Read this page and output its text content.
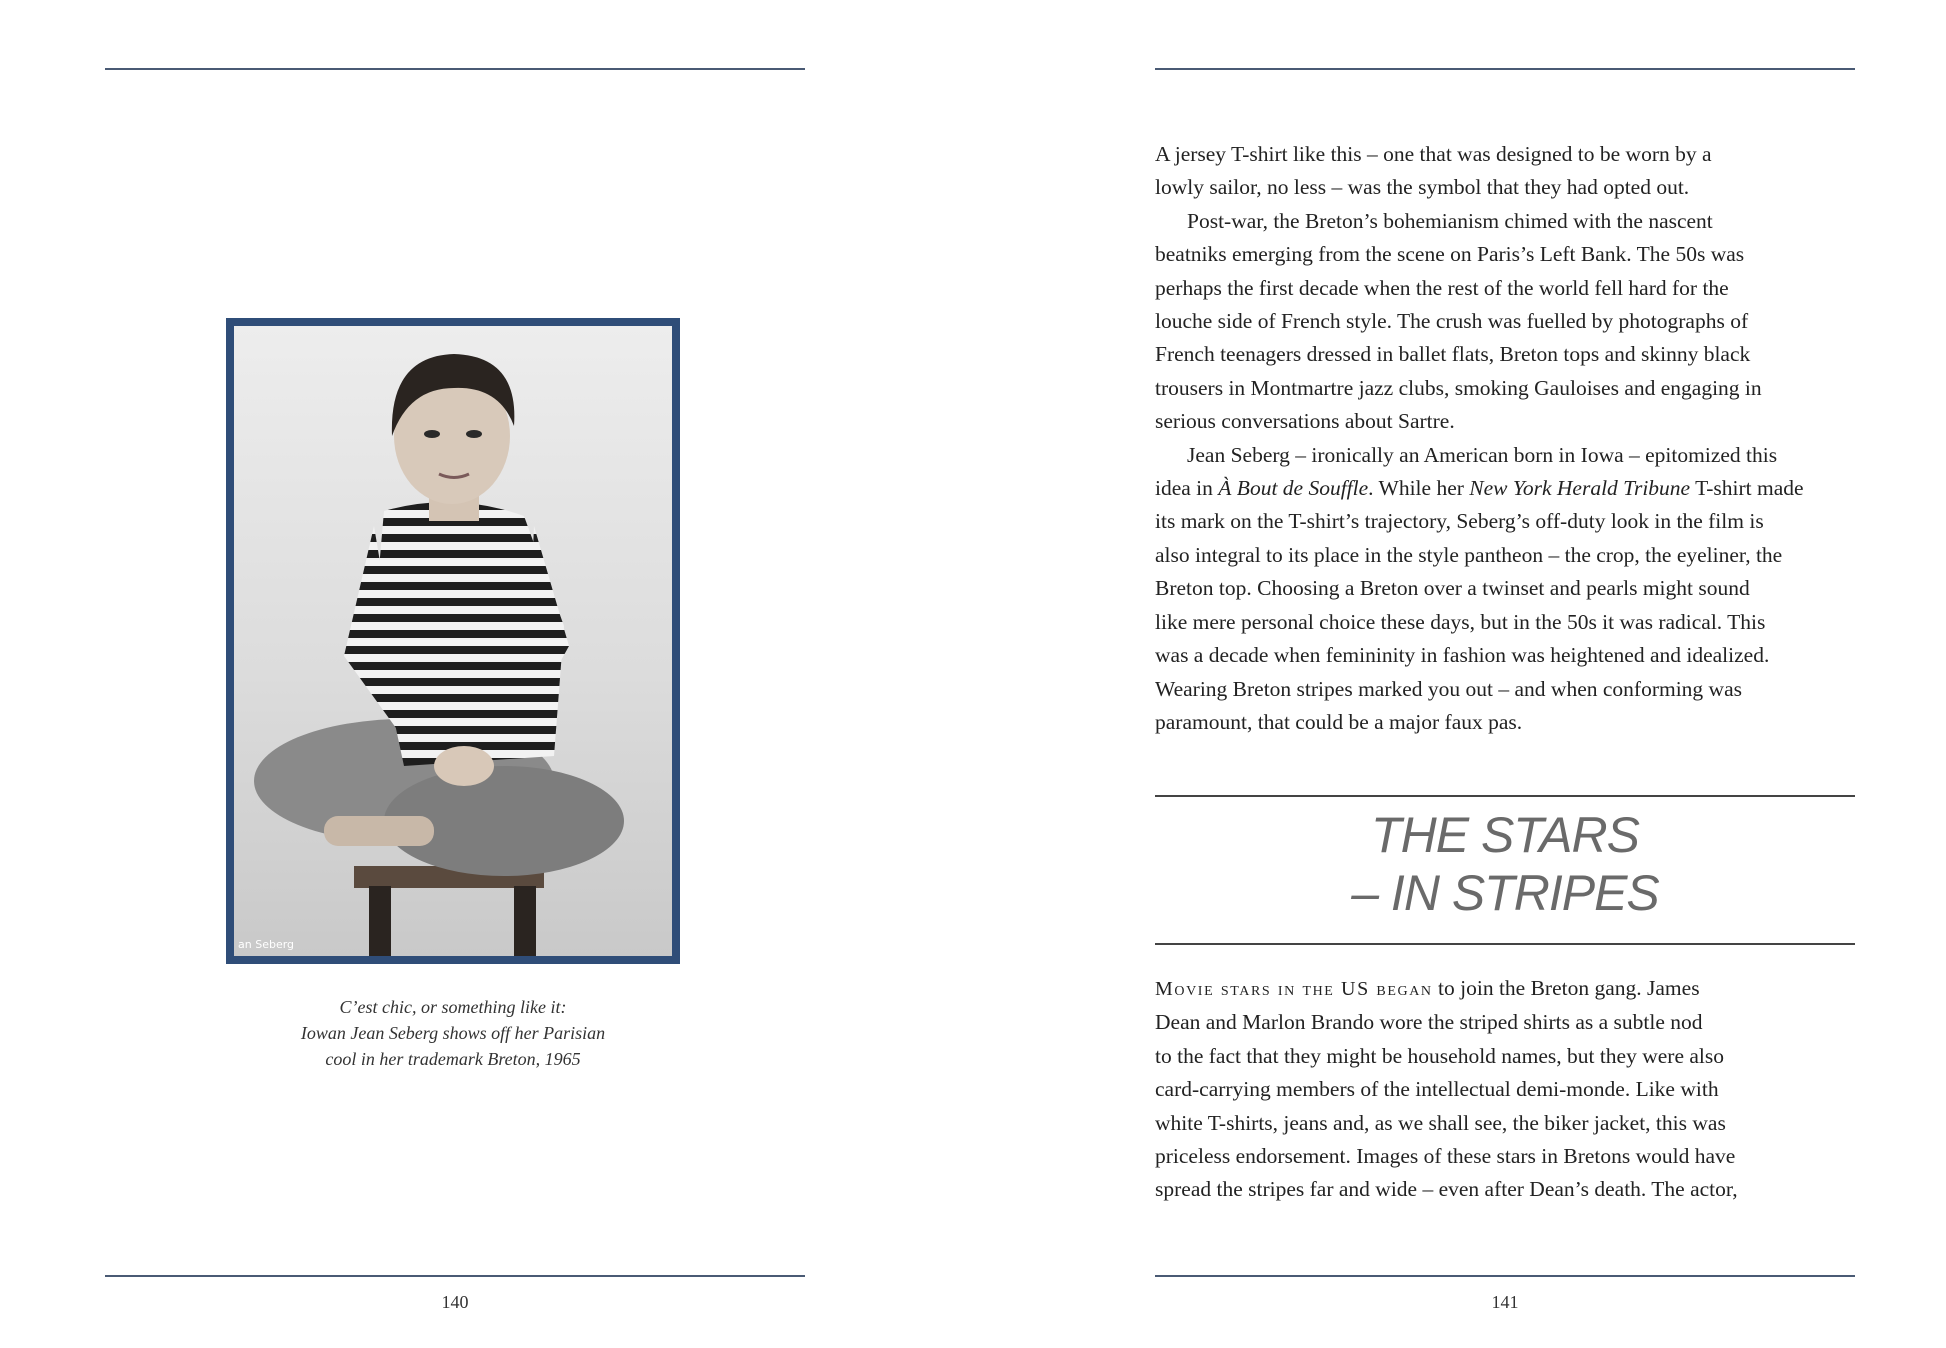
an Seberg
C’est chic, or something like it:
Iowan Jean Seberg shows off her Parisian
cool in her trademark Breton, 1965
140

A jersey T-shirt like this – one that was designed to be worn by a
lowly sailor, no less – was the symbol that they had opted out.

Post-war, the Breton’s bohemianism chimed with the nascent
beatniks emerging from the scene on Paris’s Left Bank. The 50s was
perhaps the first decade when the rest of the world fell hard for the
louche side of French style. The crush was fuelled by photographs of
French teenagers dressed in ballet flats, Breton tops and skinny black
trousers in Montmartre jazz clubs, smoking Gauloises and engaging in
serious conversations about Sartre.

Jean Seberg – ironically an American born in Iowa – epitomized this
idea in À Bout de Souffle. While her New York Herald Tribune T-shirt made
its mark on the T-shirt’s trajectory, Seberg’s off-duty look in the film is
also integral to its place in the style pantheon – the crop, the eyeliner, the
Breton top. Choosing a Breton over a twinset and pearls might sound
like mere personal choice these days, but in the 50s it was radical. This
was a decade when femininity in fashion was heightened and idealized.
Wearing Breton stripes marked you out – and when conforming was
paramount, that could be a major faux pas.

THE STARS
– IN STRIPES

Movie stars in the US began to join the Breton gang. James
Dean and Marlon Brando wore the striped shirts as a subtle nod
to the fact that they might be household names, but they were also
card-carrying members of the intellectual demi-monde. Like with
white T-shirts, jeans and, as we shall see, the biker jacket, this was
priceless endorsement. Images of these stars in Bretons would have
spread the stripes far and wide – even after Dean’s death. The actor,

141
